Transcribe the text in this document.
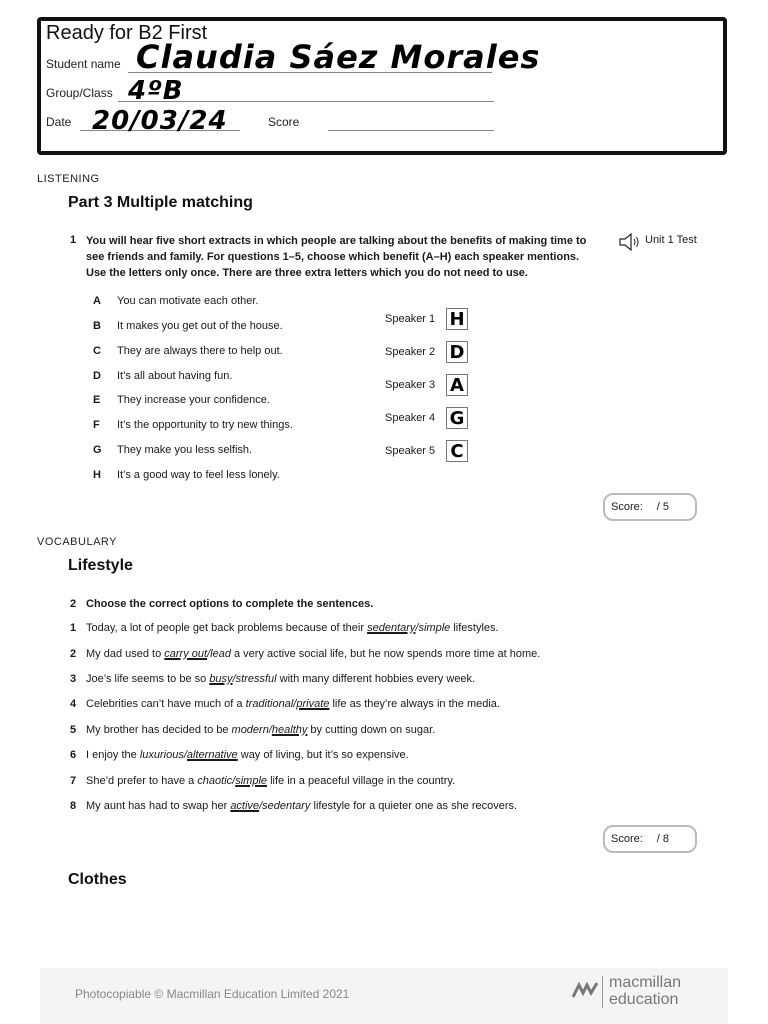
Ready for B2 First
Student name Claudia Sáez Morales
Group/Class 4ºB
Date 20/03/24	Score
LISTENING
Part 3 Multiple matching
1 You will hear five short extracts in which people are talking about the benefits of making time to
see friends and family. For questions 1–5, choose which benefit (A–H) each speaker mentions.
Use the letters only once. There are three extra letters which you do not need to use.
Unit 1 Test
A You can motivate each other.
B It makes you get out of the house.
C They are always there to help out.
D It’s all about having fun.
E They increase your confidence.
F It’s the opportunity to try new things.
G They make you less selfish.
H It’s a good way to feel less lonely.
Speaker 1 H
Speaker 2 D
Speaker 3 A
Speaker 4 G
Speaker 5 C
Score: / 5
VOCABULARY
Lifestyle
2 Choose the correct options to complete the sentences.
1 Today, a lot of people get back problems because of their sedentary/simple lifestyles.
2 My dad used to carry out/lead a very active social life, but he now spends more time at home.
3 Joe’s life seems to be so busy/stressful with many different hobbies every week.
4 Celebrities can’t have much of a traditional/private life as they’re always in the media.
5 My brother has decided to be modern/healthy by cutting down on sugar.
6 I enjoy the luxurious/alternative way of living, but it’s so expensive.
7 She’d prefer to have a chaotic/simple life in a peaceful village in the country.
8 My aunt has had to swap her active/sedentary lifestyle for a quieter one as she recovers.
Score: / 8
Clothes
Photocopiable © Macmillan Education Limited 2021
macmillan
education
